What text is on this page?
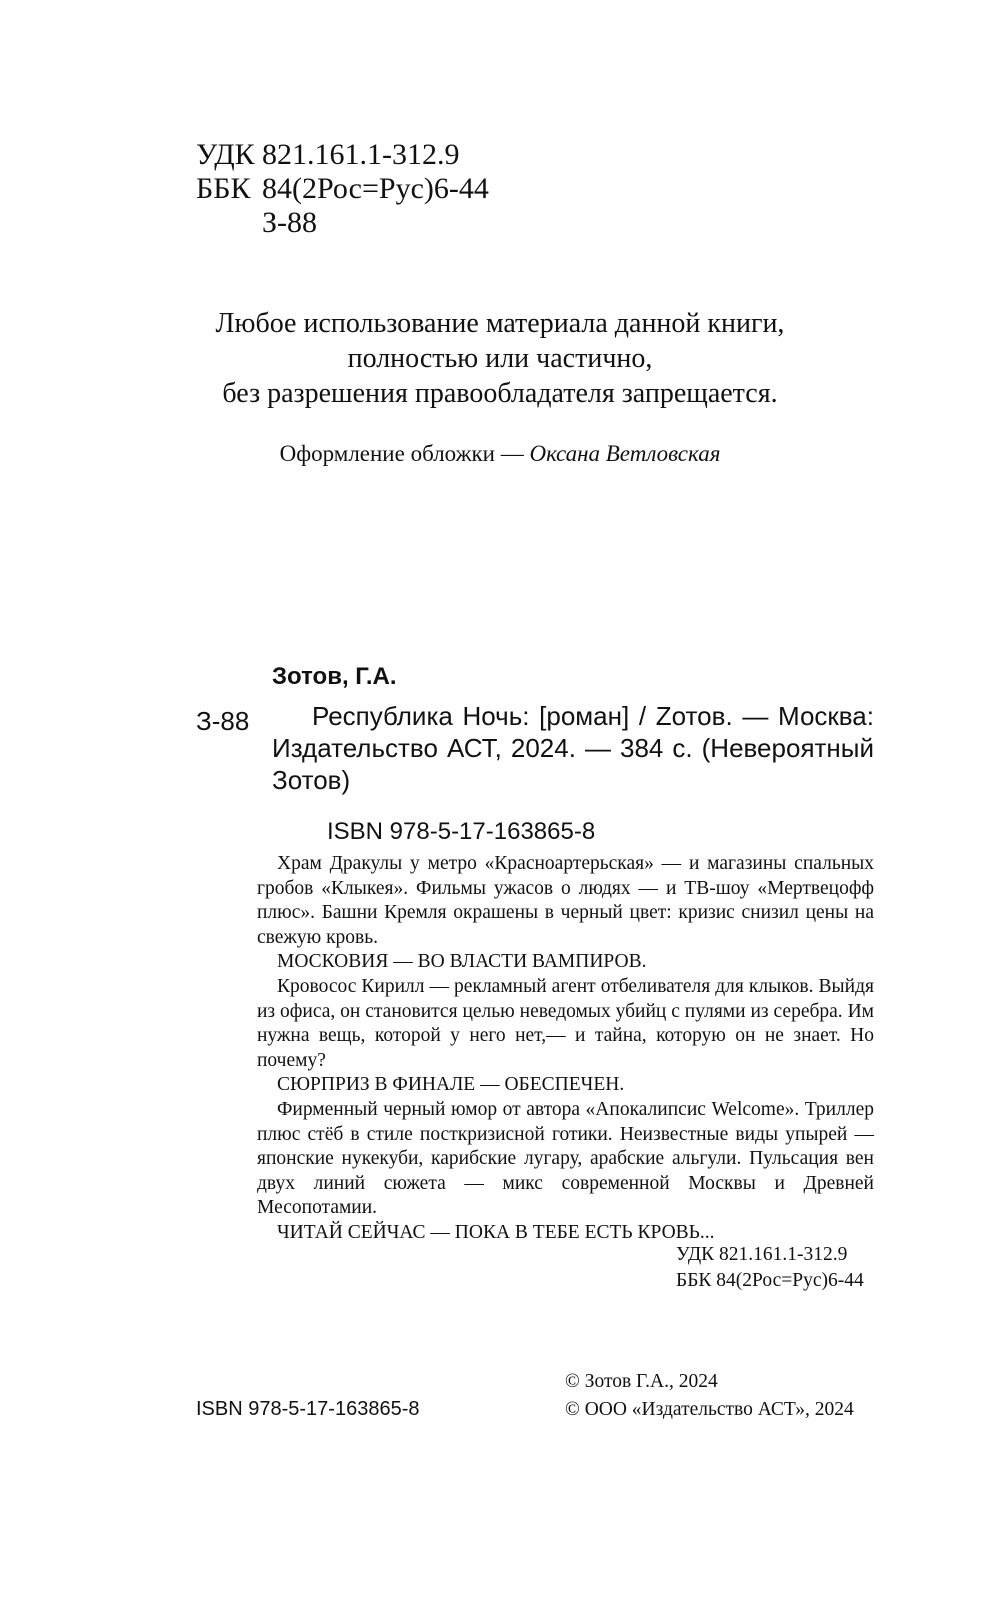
УДК 821.161.1-312.9
ББК 84(2Рос=Рус)6-44
З-88
Любое использование материала данной книги,
полностью или частично,
без разрешения правообладателя запрещается.
Оформление обложки — Оксана Ветловская
Зотов, Г.А.
З-88	Республика Ночь: [роман] / Zотов. — Москва: Издательство АСТ, 2024. — 384 с. (Невероятный Зотов)
ISBN 978-5-17-163865-8

Храм Дракулы у метро «Красноартерьская» — и магазины спальных гробов «Клыкея». Фильмы ужасов о людях — и ТВ-шоу «Мертвецофф плюс». Башни Кремля окрашены в черный цвет: кризис снизил цены на свежую кровь.

МОСКОВИЯ — ВО ВЛАСТИ ВАМПИРОВ.

Кровосос Кирилл — рекламный агент отбеливателя для клыков. Выйдя из офиса, он становится целью неведомых убийц с пулями из серебра. Им нужна вещь, которой у него нет,— и тайна, которую он не знает. Но почему?

СЮРПРИЗ В ФИНАЛЕ — ОБЕСПЕЧЕН.

Фирменный черный юмор от автора «Апокалипсис Welcome». Триллер плюс стёб в стиле посткризисной готики. Неизвестные виды упырей — японские нукекуби, карибские лугару, арабские альгули. Пульсация вен двух линий сюжета — микс современной Москвы и Древней Месопотамии.

ЧИТАЙ СЕЙЧАС — ПОКА В ТЕБЕ ЕСТЬ КРОВЬ...

УДК 821.161.1-312.9
ББК 84(2Рос=Рус)6-44
ISBN 978-5-17-163865-8
© Зотов Г.А., 2024
© ООО «Издательство АСТ», 2024
